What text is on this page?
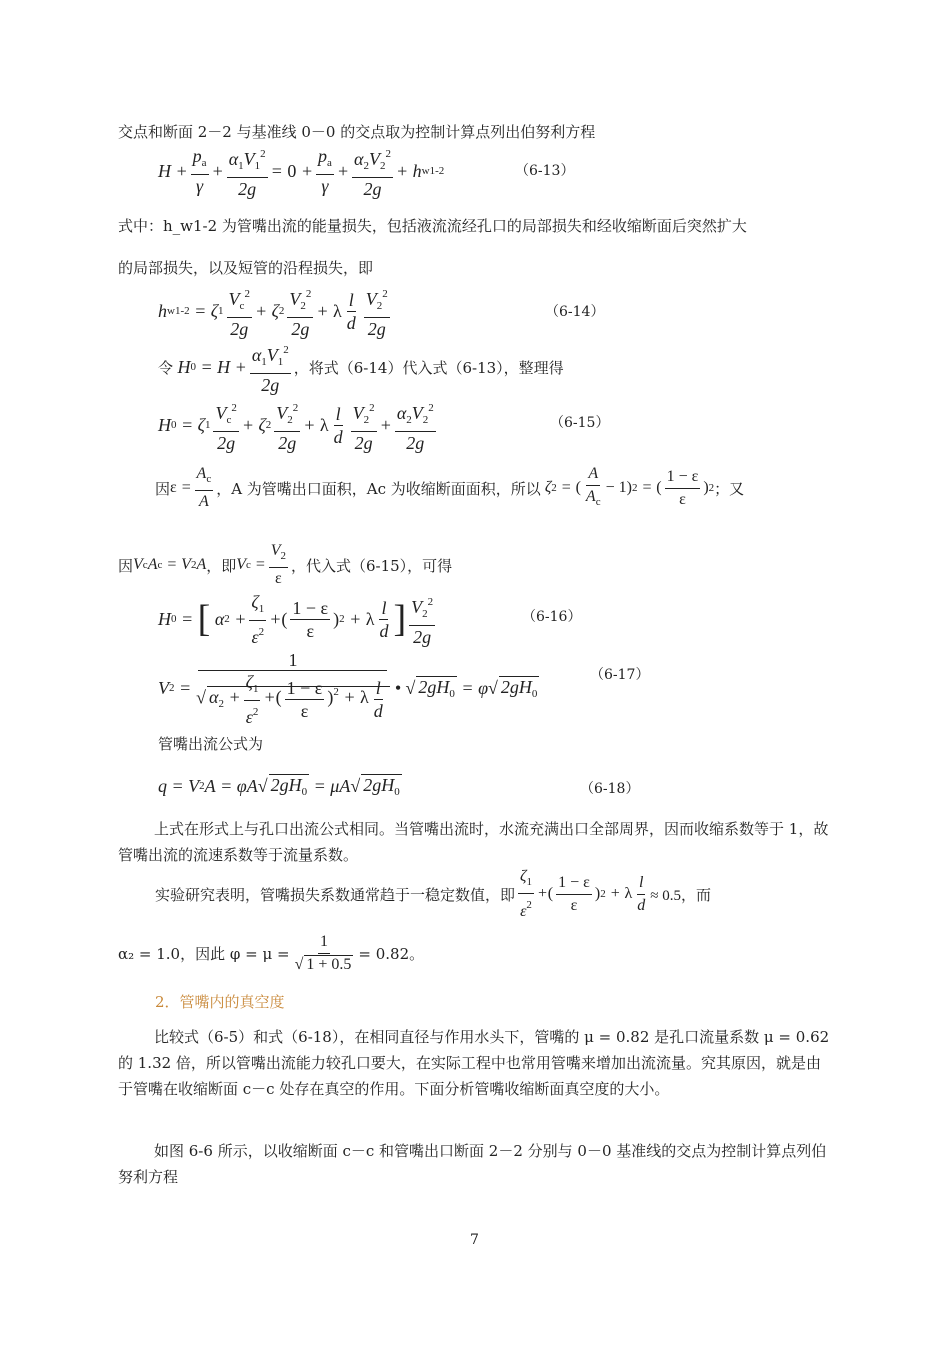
交点和断面 2－2 与基准线 0－0 的交点取为控制计算点列出伯努利方程
$H + \frac{p_a}{\gamma} + \frac{\alpha_1V_1^2}{2g} = 0 + \frac{p_a}{\gamma} + \frac{\alpha_2V_2^2}{2g} + h$ w1-2	（6-13）
式中：h_w1-2 为管嘴出流的能量损失，包括液流流经孔口的局部损失和经收缩断面后突然扩大
的局部损失，以及短管的沿程损失，即
h w1-2 = ζ $1 \frac{V_c^2}{2g} + \zeta$ $2 \frac{V_2^2}{2g} + \lambda \frac{l}{d} \frac{V_2^2}{2g}$	（6-14）
令 H $0 = H + \frac{\alpha_1V_1^2}{2g}$ ，将式（6-14）代入式（6-13），整理得
H 0 = ζ $1 \frac{V_c^2}{2g} + \zeta$ $2 \frac{V_2^2}{2g} + \lambda \frac{l}{d} \frac{V_2^2}{2g} + \frac{\alpha_2V_2^2}{2g}$	（6-15）
因 $\varepsilon = \frac{A_c}{A}$ ，A 为管嘴出口面积，Ac 为收缩断面面积，所以 ζ 2 = ( $\frac{A}{A_c} - 1$) 2 = ( $\frac{1 - \varepsilon}{\varepsilon}$ ) 2 ；又
因 V c A c = V 2 A ，即 V $c = \frac{V_2}{\varepsilon}$ ，代入式（6-15），可得
H 0 = [ α $2 + \frac{\zeta_1}{\varepsilon^2}$ + ( $\frac{1 - \varepsilon}{\varepsilon}$ ) 2 + λ $\frac{l}{d}$ ] $\frac{V_2^2}{2g}$	（6-16）
V $2 = \frac{1}{√ \alpha_2 + \frac{\zeta_1}{\varepsilon^2} +( \frac{1 - \varepsilon}{\varepsilon} )^2 + \lambda \frac{l}{d}}$ • √ $2gH_0 = \varphi$ √ $2gH_0$
（6-17）
管嘴出流公式为
q = V 2 A = φA √ $2gH_0 = \mu A$ √ $2gH_0$	（6-18）
上式在形式上与孔口出流公式相同。当管嘴出流时，水流充满出口全部周界，因而收缩系数等于 1，故管嘴出流的流速系数等于流量系数。
实验研究表明，管嘴损失系数通常趋于一稳定数值，即 $\frac{\zeta_1}{\varepsilon^2}$ + ( $\frac{1 - \varepsilon}{\varepsilon}$ ) 2 + λ $\frac{l}{d} \approx 0.5$，而
α₂ = 1.0，因此 $\varphi = \mu = \frac{1}{√ 1 + 0.5} = 0.82$。
2．管嘴内的真空度
比较式（6-5）和式（6-18），在相同直径与作用水头下，管嘴的 μ = 0.82 是孔口流量系数 μ = 0.62 的 1.32 倍，所以管嘴出流能力较孔口要大，在实际工程中也常用管嘴来增加出流流量。究其原因，就是由于管嘴在收缩断面 c－c 处存在真空的作用。下面分析管嘴收缩断面真空度的大小。
如图 6-6 所示，以收缩断面 c－c 和管嘴出口断面 2－2 分别与 0－0 基准线的交点为控制计算点列伯努利方程
7
